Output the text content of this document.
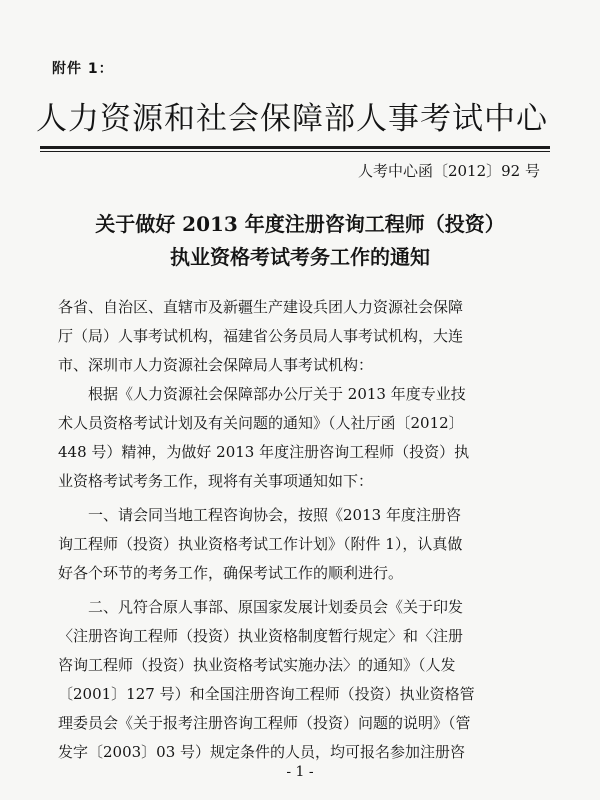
附件 1：
人力资源和社会保障部人事考试中心
人考中心函〔2012〕92 号
关于做好 2013 年度注册咨询工程师（投资）
执业资格考试考务工作的通知
各省、自治区、直辖市及新疆生产建设兵团人力资源社会保障
厅（局）人事考试机构，福建省公务员局人事考试机构，大连
市、深圳市人力资源社会保障局人事考试机构：
根据《人力资源社会保障部办公厅关于 2013 年度专业技
术人员资格考试计划及有关问题的通知》（人社厅函〔2012〕
448 号）精神，为做好 2013 年度注册咨询工程师（投资）执
业资格考试考务工作，现将有关事项通知如下：
一、请会同当地工程咨询协会，按照《2013 年度注册咨
询工程师（投资）执业资格考试工作计划》（附件 1），认真做
好各个环节的考务工作，确保考试工作的顺利进行。
二、凡符合原人事部、原国家发展计划委员会《关于印发
〈注册咨询工程师（投资）执业资格制度暂行规定〉和〈注册
咨询工程师（投资）执业资格考试实施办法〉的通知》（人发
〔2001〕127 号）和全国注册咨询工程师（投资）执业资格管
理委员会《关于报考注册咨询工程师（投资）问题的说明》（管
发字〔2003〕03 号）规定条件的人员，均可报名参加注册咨
- 1 -
